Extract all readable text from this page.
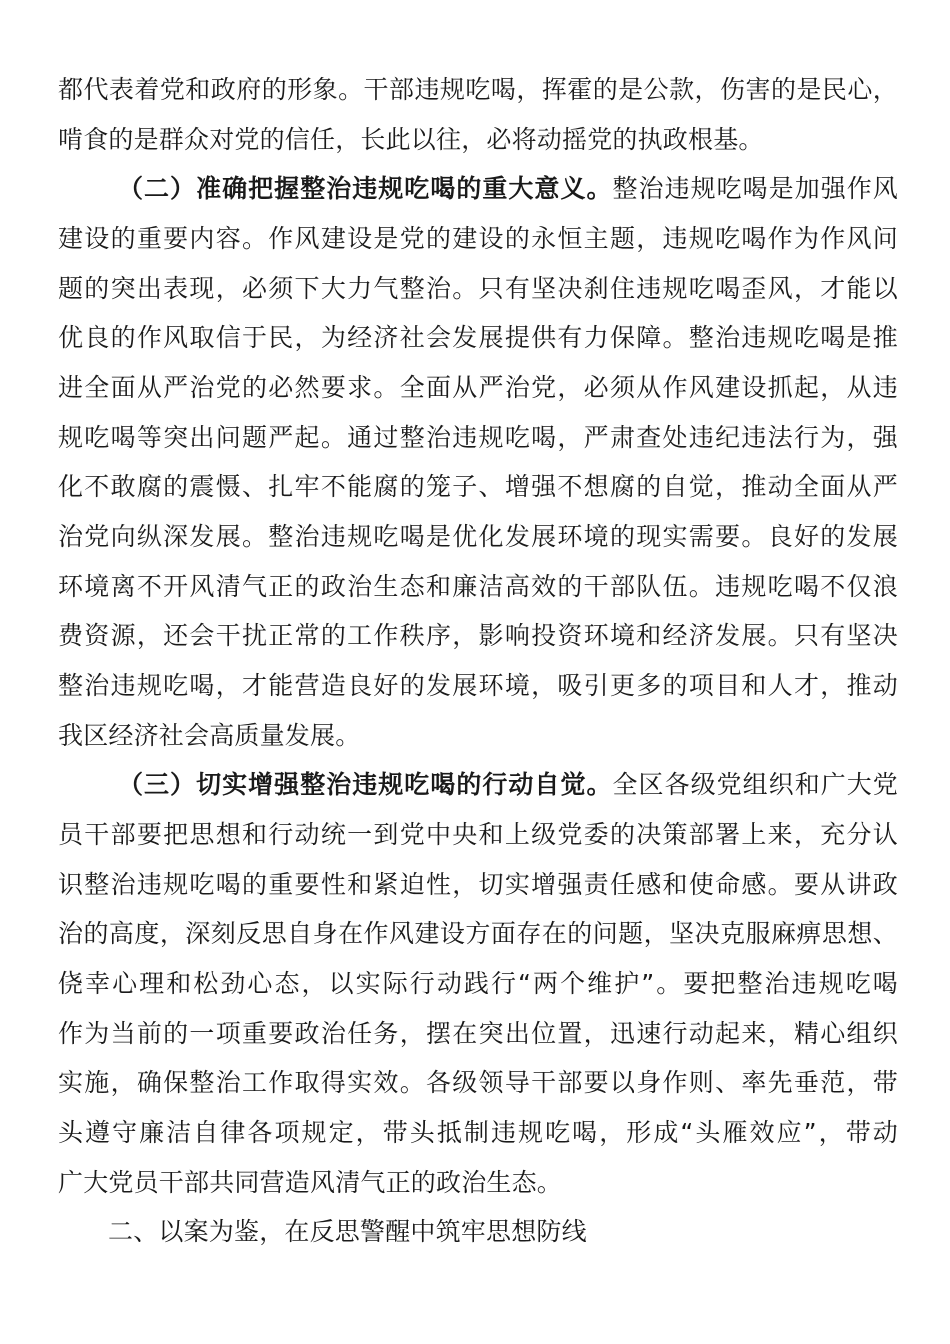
都代表着党和政府的形象。干部违规吃喝，挥霍的是公款，伤害的是民心，
啃食的是群众对党的信任，长此以往，必将动摇党的执政根基。
（二）准确把握整治违规吃喝的重大意义。整治违规吃喝是加强作风
建设的重要内容。作风建设是党的建设的永恒主题，违规吃喝作为作风问
题的突出表现，必须下大力气整治。只有坚决刹住违规吃喝歪风，才能以
优良的作风取信于民，为经济社会发展提供有力保障。整治违规吃喝是推
进全面从严治党的必然要求。全面从严治党，必须从作风建设抓起，从违
规吃喝等突出问题严起。通过整治违规吃喝，严肃查处违纪违法行为，强
化不敢腐的震慑、扎牢不能腐的笼子、增强不想腐的自觉，推动全面从严
治党向纵深发展。整治违规吃喝是优化发展环境的现实需要。良好的发展
环境离不开风清气正的政治生态和廉洁高效的干部队伍。违规吃喝不仅浪
费资源，还会干扰正常的工作秩序，影响投资环境和经济发展。只有坚决
整治违规吃喝，才能营造良好的发展环境，吸引更多的项目和人才，推动
我区经济社会高质量发展。
（三）切实增强整治违规吃喝的行动自觉。全区各级党组织和广大党
员干部要把思想和行动统一到党中央和上级党委的决策部署上来，充分认
识整治违规吃喝的重要性和紧迫性，切实增强责任感和使命感。要从讲政
治的高度，深刻反思自身在作风建设方面存在的问题，坚决克服麻痹思想、
侥幸心理和松劲心态，以实际行动践行“两个维护”。要把整治违规吃喝
作为当前的一项重要政治任务，摆在突出位置，迅速行动起来，精心组织
实施，确保整治工作取得实效。各级领导干部要以身作则、率先垂范，带
头遵守廉洁自律各项规定，带头抵制违规吃喝，形成“头雁效应”，带动
广大党员干部共同营造风清气正的政治生态。
二、以案为鉴，在反思警醒中筑牢思想防线
